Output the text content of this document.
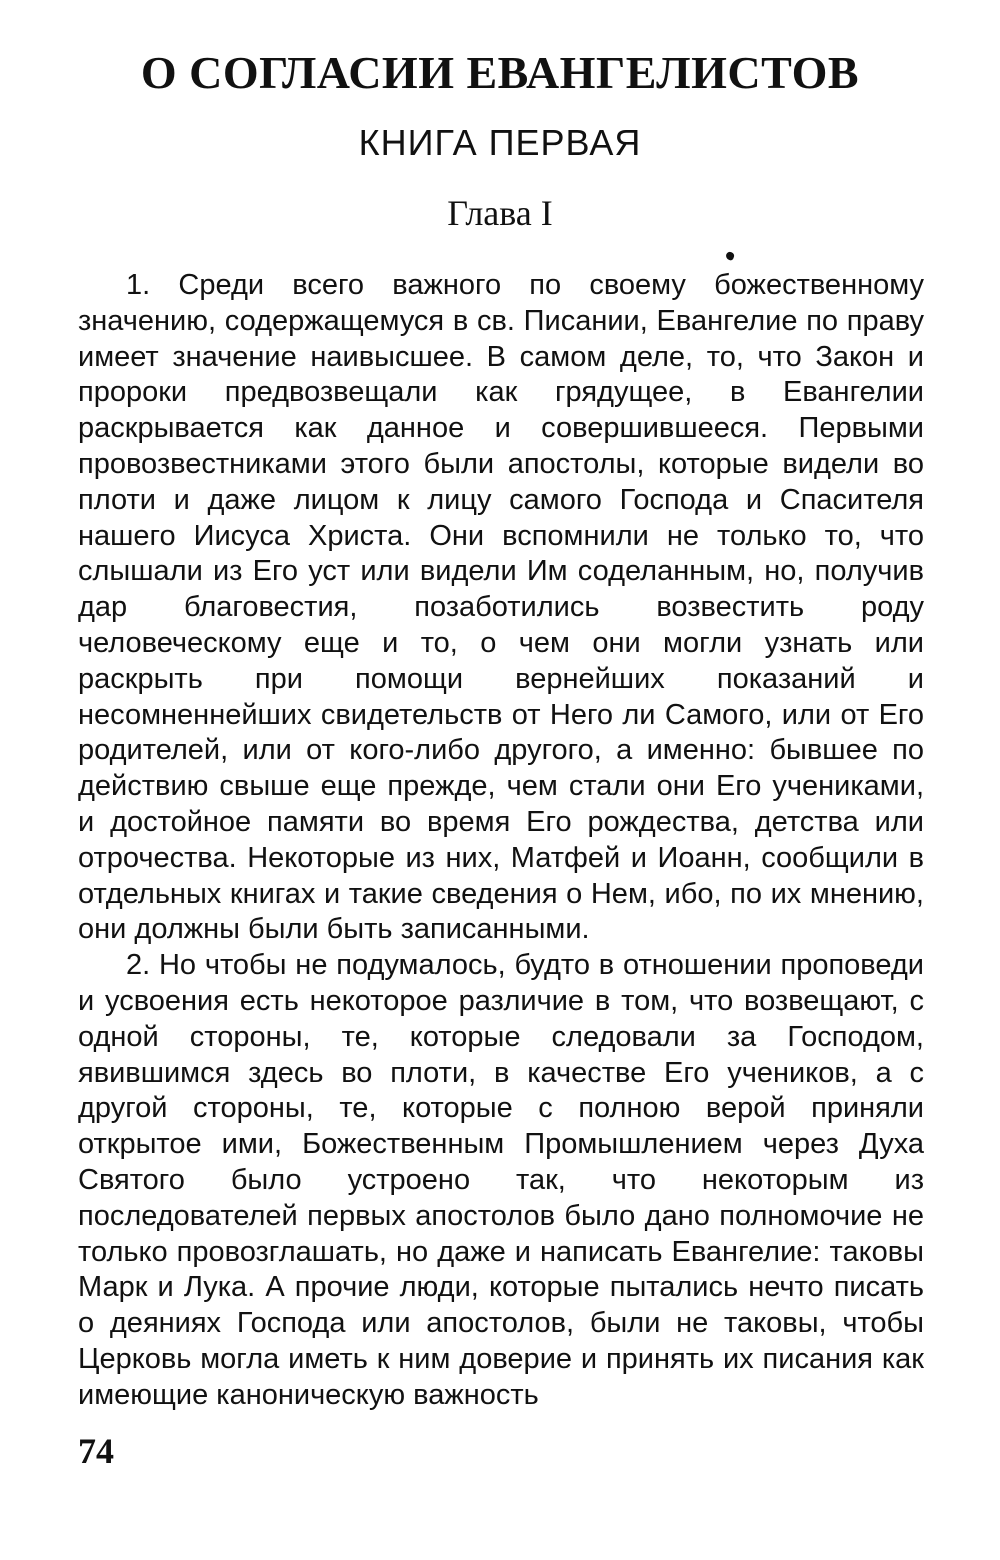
О СОГЛАСИИ ЕВАНГЕЛИСТОВ
КНИГА ПЕРВАЯ
Глава I

1. Среди всего важного по своему божественному значению, содержащемуся в св. Писании, Евангелие по праву имеет значение наивысшее. В самом деле, то, что Закон и пророки предвозвещали как грядущее, в Евангелии раскрывается как данное и совершившееся. Первыми провозвестниками этого были апостолы, которые видели во плоти и даже лицом к лицу самого Господа и Спасителя нашего Иисуса Христа. Они вспомнили не только то, что слышали из Его уст или видели Им соделанным, но, получив дар благовестия, позаботились возвестить роду человеческому еще и то, о чем они могли узнать или раскрыть при помощи вернейших показаний и несомненнейших свидетельств от Него ли Самого, или от Его родителей, или от кого-либо другого, а именно: бывшее по действию свыше еще прежде, чем стали они Его учениками, и достойное памяти во время Его рождества, детства или отрочества. Некоторые из них, Матфей и Иоанн, сообщили в отдельных книгах и такие сведения о Нем, ибо, по их мнению, они должны были быть записанными.

2. Но чтобы не подумалось, будто в отношении проповеди и усвоения есть некоторое различие в том, что возвещают, с одной стороны, те, которые следовали за Господом, явившимся здесь во плоти, в качестве Его учеников, а с другой стороны, те, которые с полною верой приняли открытое ими, Божественным Промышлением через Духа Святого было устроено так, что некоторым из последователей первых апостолов было дано полномочие не только провозглашать, но даже и написать Евангелие: таковы Марк и Лука. А прочие люди, которые пытались нечто писать о деяниях Господа или апостолов, были не таковы, чтобы Церковь могла иметь к ним доверие и принять их писания как имеющие каноническую важность

74
